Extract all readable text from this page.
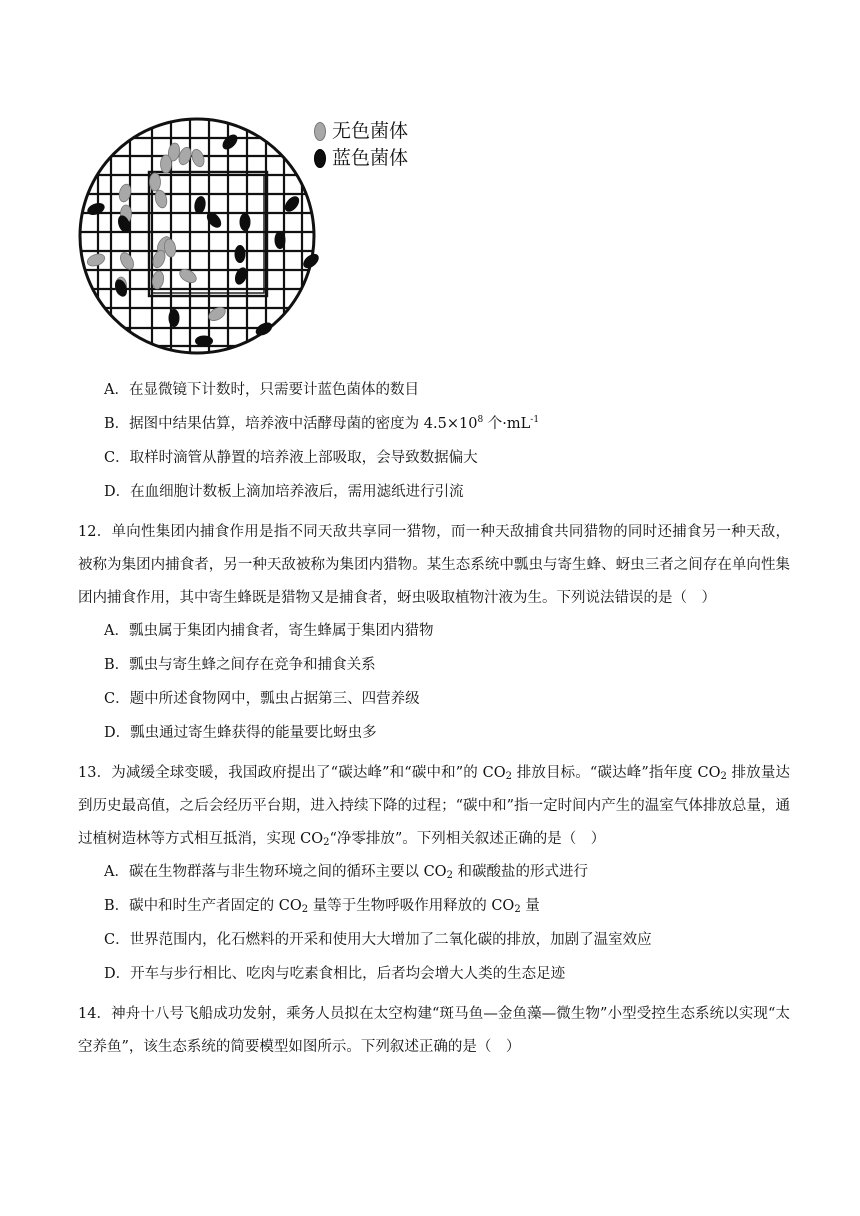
无色菌体
蓝色菌体
A．在显微镜下计数时，只需要计蓝色菌体的数目
B．据图中结果估算，培养液中活酵母菌的密度为 $4.5\times 10^8$ 个$\cdot mL^{-1}$
C．取样时滴管从静置的培养液上部吸取，会导致数据偏大
D．在血细胞计数板上滴加培养液后，需用滤纸进行引流
12．单向性集团内捕食作用是指不同天敌共享同一猎物，而一种天敌捕食共同猎物的同时还捕食另一种天敌，被称为集团内捕食者，另一种天敌被称为集团内猎物。某生态系统中瓢虫与寄生蜂、蚜虫三者之间存在单向性集团内捕食作用，其中寄生蜂既是猎物又是捕食者，蚜虫吸取植物汁液为生。下列说法错误的是（　）
A．瓢虫属于集团内捕食者，寄生蜂属于集团内猎物
B．瓢虫与寄生蜂之间存在竞争和捕食关系
C．题中所述食物网中，瓢虫占据第三、四营养级
D．瓢虫通过寄生蜂获得的能量要比蚜虫多
13．为减缓全球变暖，我国政府提出了“碳达峰”和“碳中和”的 $CO_2$ 排放目标。“碳达峰”指年度 $CO_2$ 排放量达到历史最高值，之后会经历平台期，进入持续下降的过程；“碳中和”指一定时间内产生的温室气体排放总量，通过植树造林等方式相互抵消，实现 $CO_2“$净零排放”。下列相关叙述正确的是（　）
A．碳在生物群落与非生物环境之间的循环主要以 $CO_2$ 和碳酸盐的形式进行
B．碳中和时生产者固定的 $CO_2$ 量等于生物呼吸作用释放的 $CO_2$ 量
C．世界范围内，化石燃料的开采和使用大大增加了二氧化碳的排放，加剧了温室效应
D．开车与步行相比、吃肉与吃素食相比，后者均会增大人类的生态足迹
14．神舟十八号飞船成功发射，乘务人员拟在太空构建“斑马鱼—金鱼藻—微生物”小型受控生态系统以实现“太空养鱼”，该生态系统的简要模型如图所示。下列叙述正确的是（　）
